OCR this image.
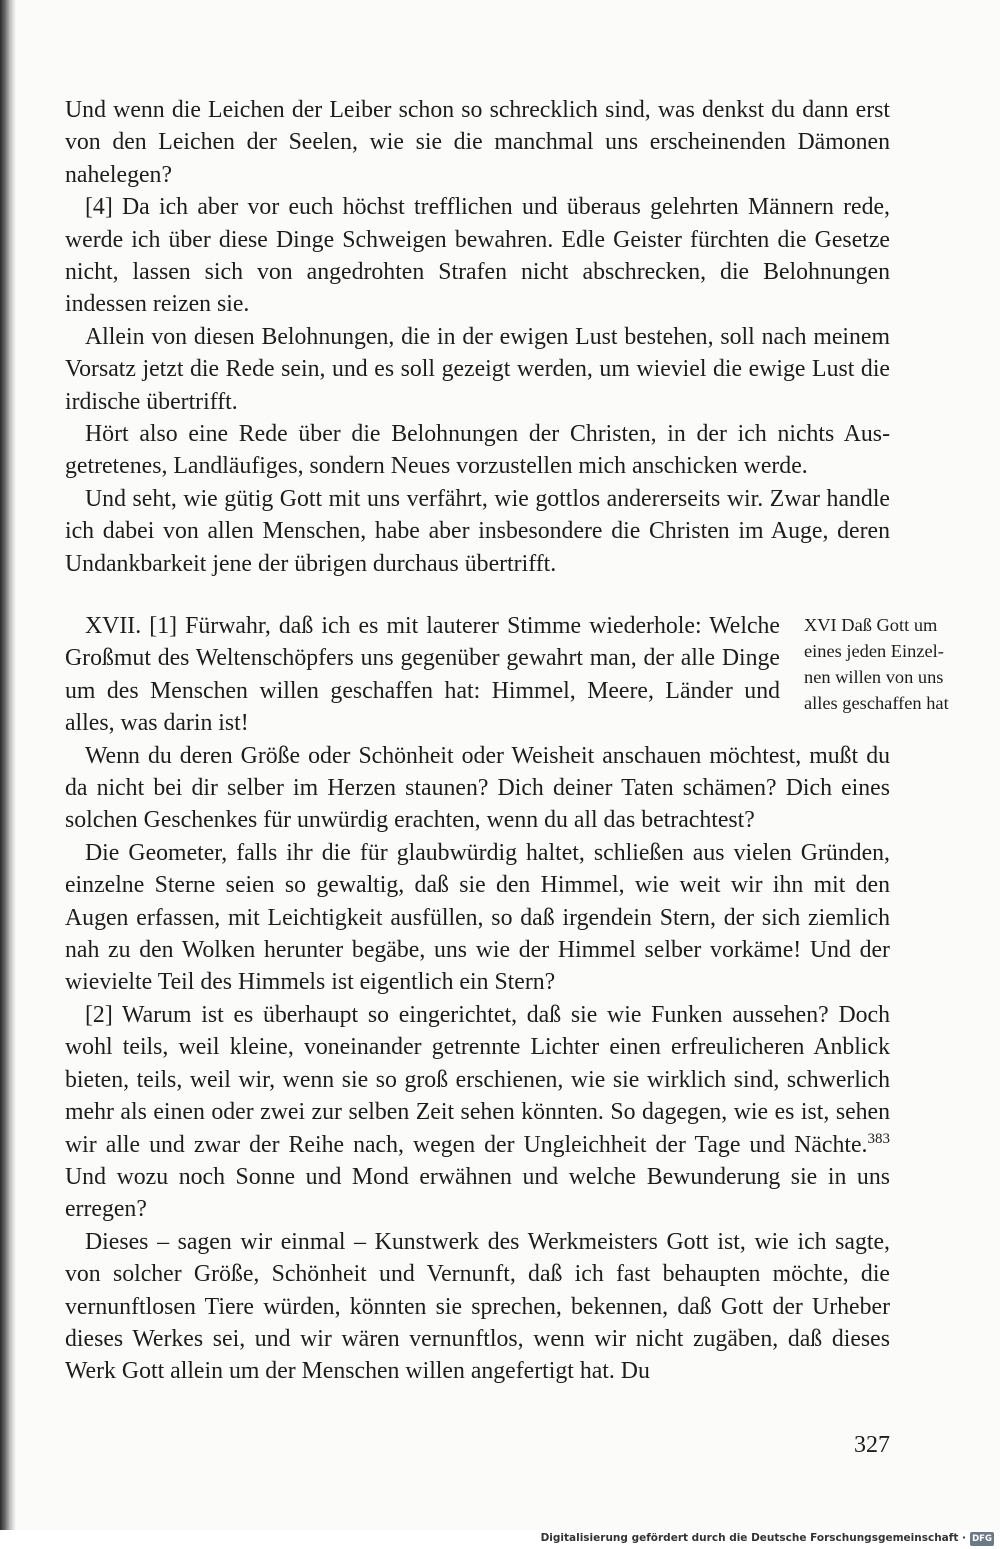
Und wenn die Leichen der Leiber schon so schrecklich sind, was denkst du dann erst von den Leichen der Seelen, wie sie die manchmal uns erscheinenden Dämonen nahelegen?

[4] Da ich aber vor euch höchst trefflichen und überaus gelehrten Männern rede, werde ich über diese Dinge Schweigen bewahren. Edle Geister fürchten die Gesetze nicht, lassen sich von angedrohten Strafen nicht abschrecken, die Belohnungen indessen reizen sie.

Allein von diesen Belohnungen, die in der ewigen Lust bestehen, soll nach meinem Vorsatz jetzt die Rede sein, und es soll gezeigt werden, um wieviel die ewige Lust die irdische übertrifft.

Hört also eine Rede über die Belohnungen der Christen, in der ich nichts Ausgetretenes, Landläufiges, sondern Neues vorzustellen mich anschicken werde.

Und seht, wie gütig Gott mit uns verfährt, wie gottlos andererseits wir. Zwar handle ich dabei von allen Menschen, habe aber insbesondere die Christen im Auge, deren Undankbarkeit jene der übrigen durchaus übertrifft.

XVII. [1] Fürwahr, daß ich es mit lauterer Stimme wiederhole: Welche Großmut des Weltenschöpfers uns gegenüber gewahrt man, der alle Dinge um des Menschen willen geschaffen hat: Himmel, Meere, Länder und alles, was darin ist!

Wenn du deren Größe oder Schönheit oder Weisheit anschauen möchtest, mußt du da nicht bei dir selber im Herzen staunen? Dich deiner Taten schämen? Dich eines solchen Geschenkes für unwürdig erachten, wenn du all das betrachtest?

Die Geometer, falls ihr die für glaubwürdig haltet, schließen aus vielen Gründen, einzelne Sterne seien so gewaltig, daß sie den Himmel, wie weit wir ihn mit den Augen erfassen, mit Leichtigkeit ausfüllen, so daß irgendein Stern, der sich ziemlich nah zu den Wolken herunter begäbe, uns wie der Himmel selber vorkäme! Und der wievielte Teil des Himmels ist eigentlich ein Stern?

[2] Warum ist es überhaupt so eingerichtet, daß sie wie Funken aussehen? Doch wohl teils, weil kleine, voneinander getrennte Lichter einen erfreulicheren Anblick bieten, teils, weil wir, wenn sie so groß erschienen, wie sie wirklich sind, schwerlich mehr als einen oder zwei zur selben Zeit sehen könnten. So dagegen, wie es ist, sehen wir alle und zwar der Reihe nach, wegen der Ungleichheit der Tage und Nächte.$^{383}$ Und wozu noch Sonne und Mond erwähnen und welche Bewunderung sie in uns erregen?

Dieses – sagen wir einmal – Kunstwerk des Werkmeisters Gott ist, wie ich sagte, von solcher Größe, Schönheit und Vernunft, daß ich fast behaupten möchte, die vernunftlosen Tiere würden, könnten sie sprechen, bekennen, daß Gott der Urheber dieses Werkes sei, und wir wären vernunftlos, wenn wir nicht zugäben, daß dieses Werk Gott allein um der Menschen willen angefertigt hat. Du

XVI Daß Gott um
eines jeden Einzel-
nen willen von uns
alles geschaffen hat
327
Digitalisierung gefördert durch die Deutsche Forschungsgemeinschaft · DFG
